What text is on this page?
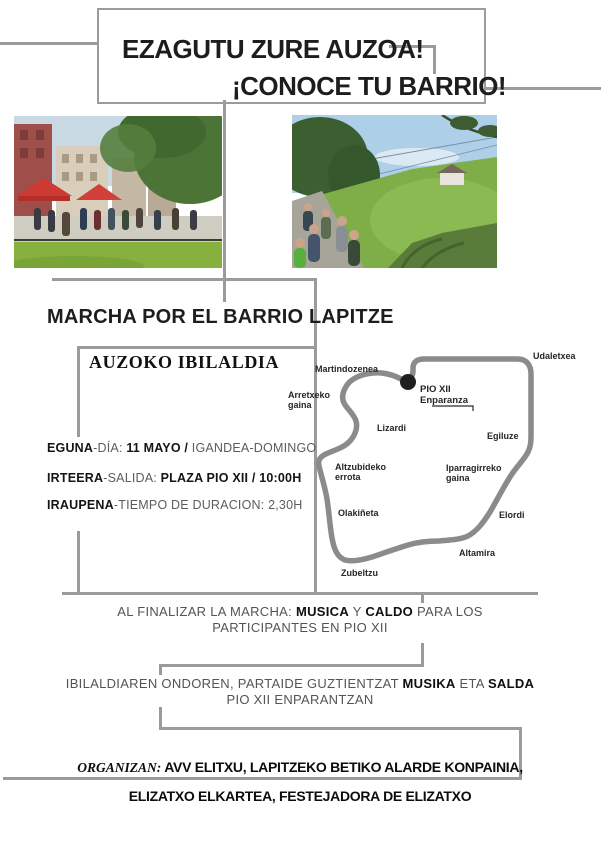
EZAGUTU ZURE AUZOA!
¡CONOCE TU BARRIO!
MARCHA POR EL BARRIO LAPITZE
AUZOKO IBILALDIA
EGUNA-DÍA: 11 MAYO / IGANDEA-DOMINGO
IRTEERA-SALIDA: PLAZA PIO XII / 10:00H
IRAUPENA-TIEMPO DE DURACION: 2,30H
Martindozenea
Udaletxea
Arretxeko
gaina
PIO XII
Enparanza
Lizardi
Egiluze
Altzubideko
errota
Iparragirreko
gaina
Olakiñeta	Elordi
Altamira
Zubeltzu
AL FINALIZAR LA MARCHA: MUSICA Y CALDO PARA LOS
PARTICIPANTES EN PIO XII
IBILALDIAREN ONDOREN, PARTAIDE GUZTIENTZAT MUSIKA ETA SALDA
PIO XII ENPARANTZAN
ORGANIZAN: AVV ELITXU, LAPITZEKO BETIKO ALARDE KONPAINIA,
ELIZATXO ELKARTEA, FESTEJADORA DE ELIZATXO
